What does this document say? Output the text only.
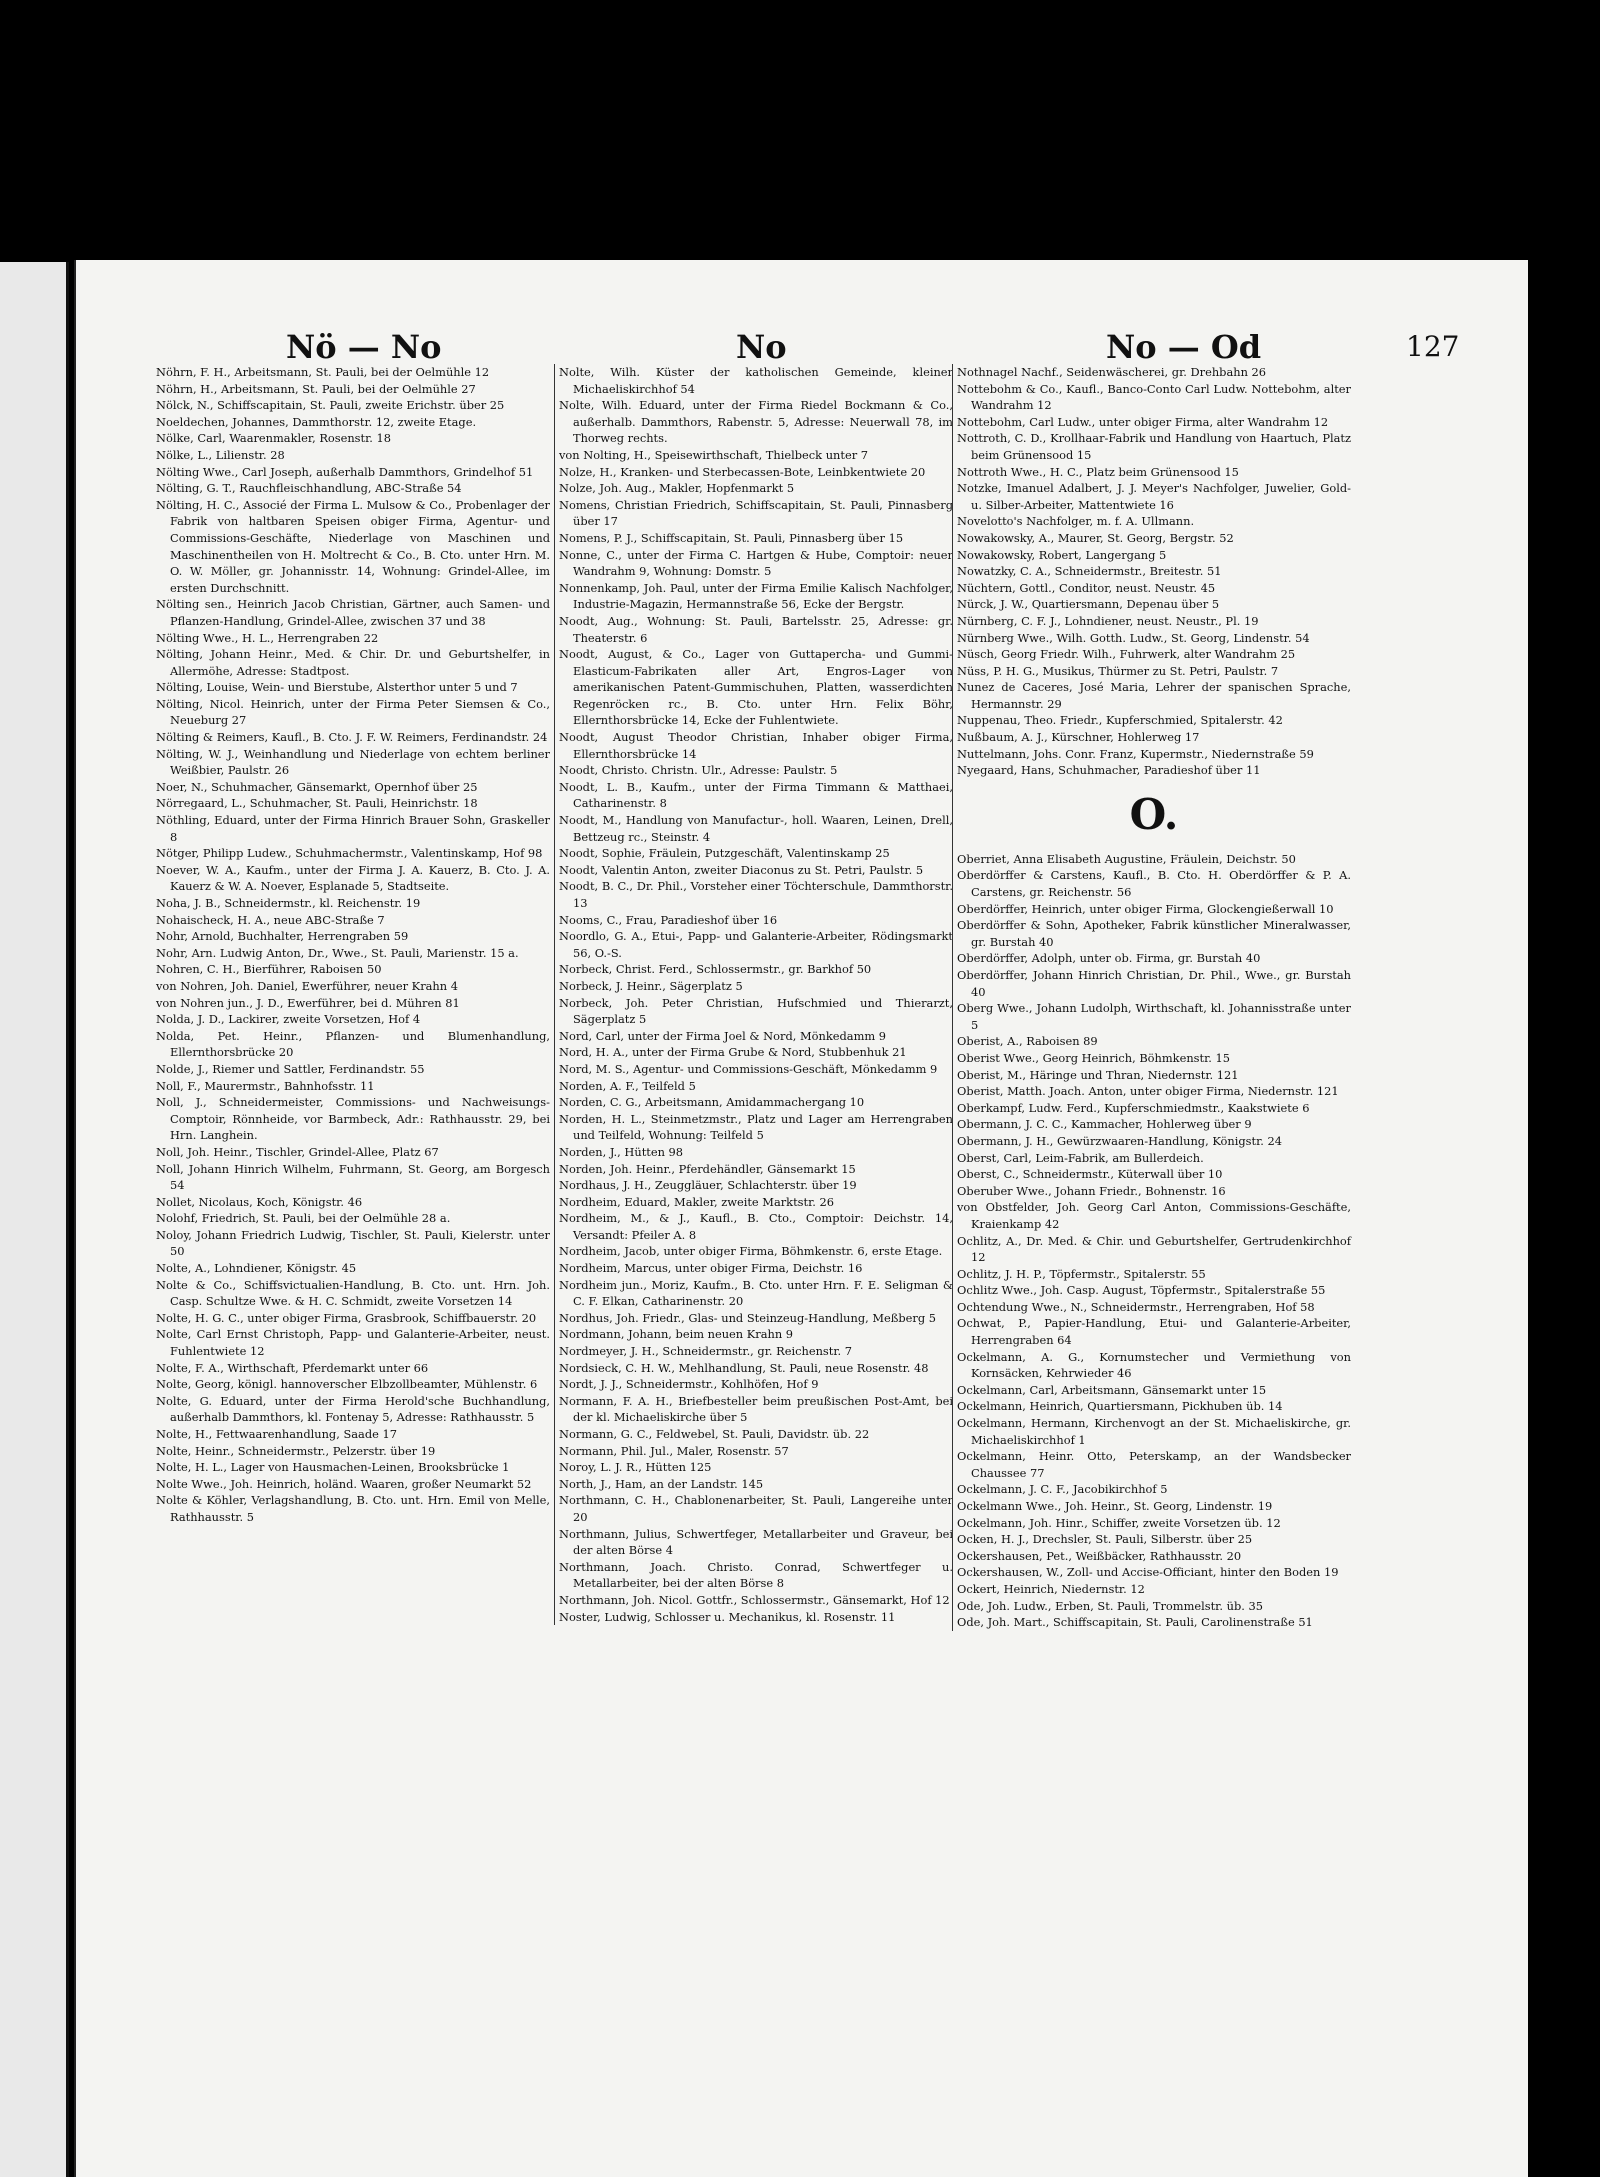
Nö — No	No	No — Od	127
Nöhrn, F. H., Arbeitsmann, St. Pauli, bei der Oelmühle 12
Nöhrn, H., Arbeitsmann, St. Pauli, bei der Oelmühle 27
Nölck, N., Schiffscapitain, St. Pauli, zweite Erichstr. über 25
Noeldechen, Johannes, Dammthorstr. 12, zweite Etage.
Nölke, Carl, Waarenmakler, Rosenstr. 18
Nölke, L., Lilienstr. 28
Nölting Wwe., Carl Joseph, außerhalb Dammthors, Grindelhof 51
Nölting, G. T., Rauchfleischhandlung, ABC-Straße 54
Nölting, H. C., Associé der Firma L. Mulsow & Co., Probenlager der Fabrik von haltbaren Speisen obiger Firma, Agentur- und Commissions-Geschäfte, Niederlage von Maschinen und Maschinentheilen von H. Moltrecht & Co., B. Cto. unter Hrn. M. O. W. Möller, gr. Johannisstr. 14, Wohnung: Grindel-Allee, im ersten Durchschnitt.
Nölting sen., Heinrich Jacob Christian, Gärtner, auch Samen- und Pflanzen-Handlung, Grindel-Allee, zwischen 37 und 38
Nölting Wwe., H. L., Herrengraben 22
Nölting, Johann Heinr., Med. & Chir. Dr. und Geburtshelfer, in Allermöhe, Adresse: Stadtpost.
Nölting, Louise, Wein- und Bierstube, Alsterthor unter 5 und 7
Nölting, Nicol. Heinrich, unter der Firma Peter Siemsen & Co., Neueburg 27
Nölting & Reimers, Kaufl., B. Cto. J. F. W. Reimers, Ferdinandstr. 24
Nölting, W. J., Weinhandlung und Niederlage von echtem berliner Weißbier, Paulstr. 26
Noer, N., Schuhmacher, Gänsemarkt, Opernhof über 25
Nörregaard, L., Schuhmacher, St. Pauli, Heinrichstr. 18
Nöthling, Eduard, unter der Firma Hinrich Brauer Sohn, Graskeller 8
Nötger, Philipp Ludew., Schuhmachermstr., Valentinskamp, Hof 98
Noever, W. A., Kaufm., unter der Firma J. A. Kauerz, B. Cto. J. A. Kauerz & W. A. Noever, Esplanade 5, Stadtseite.
Noha, J. B., Schneidermstr., kl. Reichenstr. 19
Nohaischeck, H. A., neue ABC-Straße 7
Nohr, Arnold, Buchhalter, Herrengraben 59
Nohr, Arn. Ludwig Anton, Dr., Wwe., St. Pauli, Marienstr. 15 a.
Nohren, C. H., Bierführer, Raboisen 50
von Nohren, Joh. Daniel, Ewerführer, neuer Krahn 4
von Nohren jun., J. D., Ewerführer, bei d. Mühren 81
Nolda, J. D., Lackirer, zweite Vorsetzen, Hof 4
Nolda, Pet. Heinr., Pflanzen- und Blumenhandlung, Ellernthorsbrücke 20
Nolde, J., Riemer und Sattler, Ferdinandstr. 55
Noll, F., Maurermstr., Bahnhofsstr. 11
Noll, J., Schneidermeister, Commissions- und Nachweisungs-Comptoir, Rönnheide, vor Barmbeck, Adr.: Rathhausstr. 29, bei Hrn. Langhein.
Noll, Joh. Heinr., Tischler, Grindel-Allee, Platz 67
Noll, Johann Hinrich Wilhelm, Fuhrmann, St. Georg, am Borgesch 54
Nollet, Nicolaus, Koch, Königstr. 46
Nolohf, Friedrich, St. Pauli, bei der Oelmühle 28 a.
Noloy, Johann Friedrich Ludwig, Tischler, St. Pauli, Kielerstr. unter 50
Nolte, A., Lohndiener, Königstr. 45
Nolte & Co., Schiffsvictualien-Handlung, B. Cto. unt. Hrn. Joh. Casp. Schultze Wwe. & H. C. Schmidt, zweite Vorsetzen 14
Nolte, H. G. C., unter obiger Firma, Grasbrook, Schiffbauerstr. 20
Nolte, Carl Ernst Christoph, Papp- und Galanterie-Arbeiter, neust. Fuhlentwiete 12
Nolte, F. A., Wirthschaft, Pferdemarkt unter 66
Nolte, Georg, königl. hannoverscher Elbzollbeamter, Mühlenstr. 6
Nolte, G. Eduard, unter der Firma Herold'sche Buchhandlung, außerhalb Dammthors, kl. Fontenay 5, Adresse: Rathhausstr. 5
Nolte, H., Fettwaarenhandlung, Saade 17
Nolte, Heinr., Schneidermstr., Pelzerstr. über 19
Nolte, H. L., Lager von Hausmachen-Leinen, Brooksbrücke 1
Nolte Wwe., Joh. Heinrich, holänd. Waaren, großer Neumarkt 52
Nolte & Köhler, Verlagshandlung, B. Cto. unt. Hrn. Emil von Melle, Rathhausstr. 5
Nolte, Wilh. Küster der katholischen Gemeinde, kleiner Michaeliskirchhof 54
Nolte, Wilh. Eduard, unter der Firma Riedel Bockmann & Co., außerhalb. Dammthors, Rabenstr. 5, Adresse: Neuerwall 78, im Thorweg rechts.
von Nolting, H., Speisewirthschaft, Thielbeck unter 7
Nolze, H., Kranken- und Sterbecassen-Bote, Leinbkentwiete 20
Nolze, Joh. Aug., Makler, Hopfenmarkt 5
Nomens, Christian Friedrich, Schiffscapitain, St. Pauli, Pinnasberg über 17
Nomens, P. J., Schiffscapitain, St. Pauli, Pinnasberg über 15
Nonne, C., unter der Firma C. Hartgen & Hube, Comptoir: neuer Wandrahm 9, Wohnung: Domstr. 5
Nonnenkamp, Joh. Paul, unter der Firma Emilie Kalisch Nachfolger, Industrie-Magazin, Hermannstraße 56, Ecke der Bergstr.
Noodt, Aug., Wohnung: St. Pauli, Bartelsstr. 25, Adresse: gr. Theaterstr. 6
Noodt, August, & Co., Lager von Guttapercha- und Gummi-Elasticum-Fabrikaten aller Art, Engros-Lager von amerikanischen Patent-Gummischuhen, Platten, wasserdichten Regenröcken rc., B. Cto. unter Hrn. Felix Böhr, Ellernthorsbrücke 14, Ecke der Fuhlentwiete.
Noodt, August Theodor Christian, Inhaber obiger Firma, Ellernthorsbrücke 14
Noodt, Christo. Christn. Ulr., Adresse: Paulstr. 5
Noodt, L. B., Kaufm., unter der Firma Timmann & Matthaei, Catharinenstr. 8
Noodt, M., Handlung von Manufactur-, holl. Waaren, Leinen, Drell, Bettzeug rc., Steinstr. 4
Noodt, Sophie, Fräulein, Putzgeschäft, Valentinskamp 25
Noodt, Valentin Anton, zweiter Diaconus zu St. Petri, Paulstr. 5
Noodt, B. C., Dr. Phil., Vorsteher einer Töchterschule, Dammthorstr. 13
Nooms, C., Frau, Paradieshof über 16
Noordlo, G. A., Etui-, Papp- und Galanterie-Arbeiter, Rödingsmarkt 56, O.-S.
Norbeck, Christ. Ferd., Schlossermstr., gr. Barkhof 50
Norbeck, J. Heinr., Sägerplatz 5
Norbeck, Joh. Peter Christian, Hufschmied und Thierarzt, Sägerplatz 5
Nord, Carl, unter der Firma Joel & Nord, Mönkedamm 9
Nord, H. A., unter der Firma Grube & Nord, Stubbenhuk 21
Nord, M. S., Agentur- und Commissions-Geschäft, Mönkedamm 9
Norden, A. F., Teilfeld 5
Norden, C. G., Arbeitsmann, Amidammachergang 10
Norden, H. L., Steinmetzmstr., Platz und Lager am Herrengraben und Teilfeld, Wohnung: Teilfeld 5
Norden, J., Hütten 98
Norden, Joh. Heinr., Pferdehändler, Gänsemarkt 15
Nordhaus, J. H., Zeuggläuer, Schlachterstr. über 19
Nordheim, Eduard, Makler, zweite Marktstr. 26
Nordheim, M., & J., Kaufl., B. Cto., Comptoir: Deichstr. 14, Versandt: Pfeiler A. 8
Nordheim, Jacob, unter obiger Firma, Böhmkenstr. 6, erste Etage.
Nordheim, Marcus, unter obiger Firma, Deichstr. 16
Nordheim jun., Moriz, Kaufm., B. Cto. unter Hrn. F. E. Seligman & C. F. Elkan, Catharinenstr. 20
Nordhus, Joh. Friedr., Glas- und Steinzeug-Handlung, Meßberg 5
Nordmann, Johann, beim neuen Krahn 9
Nordmeyer, J. H., Schneidermstr., gr. Reichenstr. 7
Nordsieck, C. H. W., Mehlhandlung, St. Pauli, neue Rosenstr. 48
Nordt, J. J., Schneidermstr., Kohlhöfen, Hof 9
Normann, F. A. H., Briefbesteller beim preußischen Post-Amt, bei der kl. Michaeliskirche über 5
Normann, G. C., Feldwebel, St. Pauli, Davidstr. üb. 22
Normann, Phil. Jul., Maler, Rosenstr. 57
Noroy, L. J. R., Hütten 125
North, J., Ham, an der Landstr. 145
Northmann, C. H., Chablonenarbeiter, St. Pauli, Langereihe unter 20
Northmann, Julius, Schwertfeger, Metallarbeiter und Graveur, bei der alten Börse 4
Northmann, Joach. Christo. Conrad, Schwertfeger u. Metallarbeiter, bei der alten Börse 8
Northmann, Joh. Nicol. Gottfr., Schlossermstr., Gänsemarkt, Hof 12
Noster, Ludwig, Schlosser u. Mechanikus, kl. Rosenstr. 11
Nothnagel Nachf., Seidenwäscherei, gr. Drehbahn 26
Nottebohm & Co., Kaufl., Banco-Conto Carl Ludw. Nottebohm, alter Wandrahm 12
Nottebohm, Carl Ludw., unter obiger Firma, alter Wandrahm 12
Nottroth, C. D., Krollhaar-Fabrik und Handlung von Haartuch, Platz beim Grünensood 15
Nottroth Wwe., H. C., Platz beim Grünensood 15
Notzke, Imanuel Adalbert, J. J. Meyer's Nachfolger, Juwelier, Gold- u. Silber-Arbeiter, Mattentwiete 16
Novelotto's Nachfolger, m. f. A. Ullmann.
Nowakowsky, A., Maurer, St. Georg, Bergstr. 52
Nowakowsky, Robert, Langergang 5
Nowatzky, C. A., Schneidermstr., Breitestr. 51
Nüchtern, Gottl., Conditor, neust. Neustr. 45
Nürck, J. W., Quartiersmann, Depenau über 5
Nürnberg, C. F. J., Lohndiener, neust. Neustr., Pl. 19
Nürnberg Wwe., Wilh. Gotth. Ludw., St. Georg, Lindenstr. 54
Nüsch, Georg Friedr. Wilh., Fuhrwerk, alter Wandrahm 25
Nüss, P. H. G., Musikus, Thürmer zu St. Petri, Paulstr. 7
Nunez de Caceres, José Maria, Lehrer der spanischen Sprache, Hermannstr. 29
Nuppenau, Theo. Friedr., Kupferschmied, Spitalerstr. 42
Nußbaum, A. J., Kürschner, Hohlerweg 17
Nuttelmann, Johs. Conr. Franz, Kupermstr., Niedernstraße 59
Nyegaard, Hans, Schuhmacher, Paradieshof über 11
O.
Oberriet, Anna Elisabeth Augustine, Fräulein, Deichstr. 50
Oberdörffer & Carstens, Kaufl., B. Cto. H. Oberdörffer & P. A. Carstens, gr. Reichenstr. 56
Oberdörffer, Heinrich, unter obiger Firma, Glockengießerwall 10
Oberdörffer & Sohn, Apotheker, Fabrik künstlicher Mineralwasser, gr. Burstah 40
Oberdörffer, Adolph, unter ob. Firma, gr. Burstah 40
Oberdörffer, Johann Hinrich Christian, Dr. Phil., Wwe., gr. Burstah 40
Oberg Wwe., Johann Ludolph, Wirthschaft, kl. Johannisstraße unter 5
Oberist, A., Raboisen 89
Oberist Wwe., Georg Heinrich, Böhmkenstr. 15
Oberist, M., Häringe und Thran, Niedernstr. 121
Oberist, Matth. Joach. Anton, unter obiger Firma, Niedernstr. 121
Oberkampf, Ludw. Ferd., Kupferschmiedmstr., Kaakstwiete 6
Obermann, J. C. C., Kammacher, Hohlerweg über 9
Obermann, J. H., Gewürzwaaren-Handlung, Königstr. 24
Oberst, Carl, Leim-Fabrik, am Bullerdeich.
Oberst, C., Schneidermstr., Küterwall über 10
Oberuber Wwe., Johann Friedr., Bohnenstr. 16
von Obstfelder, Joh. Georg Carl Anton, Commissions-Geschäfte, Kraienkamp 42
Ochlitz, A., Dr. Med. & Chir. und Geburtshelfer, Gertrudenkirchhof 12
Ochlitz, J. H. P., Töpfermstr., Spitalerstr. 55
Ochlitz Wwe., Joh. Casp. August, Töpfermstr., Spitalerstraße 55
Ochtendung Wwe., N., Schneidermstr., Herrengraben, Hof 58
Ochwat, P., Papier-Handlung, Etui- und Galanterie-Arbeiter, Herrengraben 64
Ockelmann, A. G., Kornumstecher und Vermiethung von Kornsäcken, Kehrwieder 46
Ockelmann, Carl, Arbeitsmann, Gänsemarkt unter 15
Ockelmann, Heinrich, Quartiersmann, Pickhuben üb. 14
Ockelmann, Hermann, Kirchenvogt an der St. Michaeliskirche, gr. Michaeliskirchhof 1
Ockelmann, Heinr. Otto, Peterskamp, an der Wandsbecker Chaussee 77
Ockelmann, J. C. F., Jacobikirchhof 5
Ockelmann Wwe., Joh. Heinr., St. Georg, Lindenstr. 19
Ockelmann, Joh. Hinr., Schiffer, zweite Vorsetzen üb. 12
Ocken, H. J., Drechsler, St. Pauli, Silberstr. über 25
Ockershausen, Pet., Weißbäcker, Rathhausstr. 20
Ockershausen, W., Zoll- und Accise-Officiant, hinter den Boden 19
Ockert, Heinrich, Niedernstr. 12
Ode, Joh. Ludw., Erben, St. Pauli, Trommelstr. üb. 35
Ode, Joh. Mart., Schiffscapitain, St. Pauli, Carolinenstraße 51
